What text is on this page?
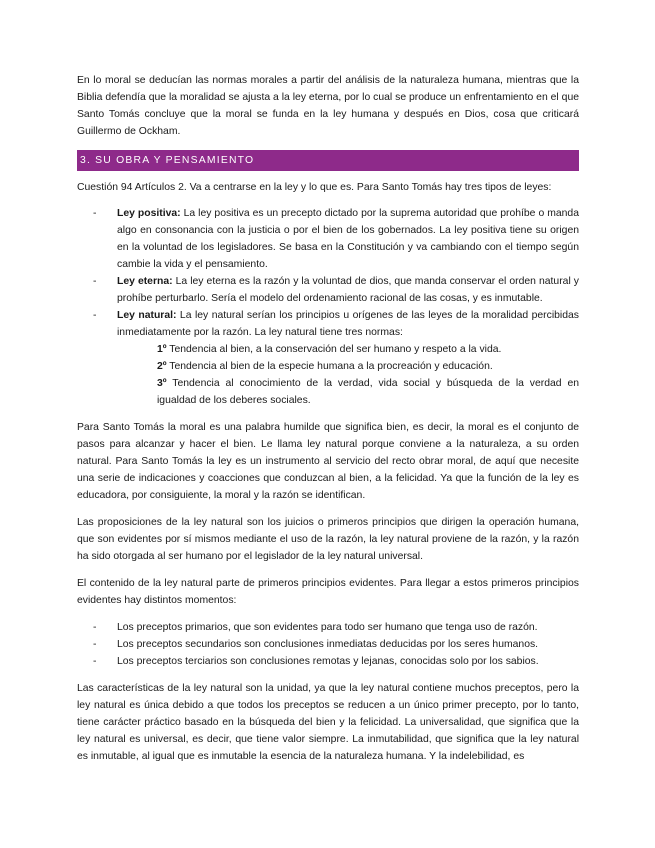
En lo moral se deducían las normas morales a partir del análisis de la naturaleza humana, mientras que la Biblia defendía que la moralidad se ajusta a la ley eterna, por lo cual se produce un enfrentamiento en el que Santo Tomás concluye que la moral se funda en la ley humana y después en Dios, cosa que criticará Guillermo de Ockham.

3. SU OBRA Y PENSAMIENTO

Cuestión 94 Artículos 2. Va a centrarse en la ley y lo que es. Para Santo Tomás hay tres tipos de leyes:

- Ley positiva: La ley positiva es un precepto dictado por la suprema autoridad que prohíbe o manda algo en consonancia con la justicia o por el bien de los gobernados. La ley positiva tiene su origen en la voluntad de los legisladores. Se basa en la Constitución y va cambiando con el tiempo según cambie la vida y el pensamiento.
- Ley eterna: La ley eterna es la razón y la voluntad de dios, que manda conservar el orden natural y prohíbe perturbarlo. Sería el modelo del ordenamiento racional de las cosas, y es inmutable.
- Ley natural: La ley natural serían los principios u orígenes de las leyes de la moralidad percibidas inmediatamente por la razón. La ley natural tiene tres normas:
1º Tendencia al bien, a la conservación del ser humano y respeto a la vida.
2º Tendencia al bien de la especie humana a la procreación y educación.
3º Tendencia al conocimiento de la verdad, vida social y búsqueda de la verdad en igualdad de los deberes sociales.

Para Santo Tomás la moral es una palabra humilde que significa bien, es decir, la moral es el conjunto de pasos para alcanzar y hacer el bien. Le llama ley natural porque conviene a la naturaleza, a su orden natural. Para Santo Tomás la ley es un instrumento al servicio del recto obrar moral, de aquí que necesite una serie de indicaciones y coacciones que conduzcan al bien, a la felicidad. Ya que la función de la ley es educadora, por consiguiente, la moral y la razón se identifican.

Las proposiciones de la ley natural son los juicios o primeros principios que dirigen la operación humana, que son evidentes por sí mismos mediante el uso de la razón, la ley natural proviene de la razón, y la razón ha sido otorgada al ser humano por el legislador de la ley natural universal.

El contenido de la ley natural parte de primeros principios evidentes. Para llegar a estos primeros principios evidentes hay distintos momentos:

- Los preceptos primarios, que son evidentes para todo ser humano que tenga uso de razón.
- Los preceptos secundarios son conclusiones inmediatas deducidas por los seres humanos.
- Los preceptos terciarios son conclusiones remotas y lejanas, conocidas solo por los sabios.

Las características de la ley natural son la unidad, ya que la ley natural contiene muchos preceptos, pero la ley natural es única debido a que todos los preceptos se reducen a un único primer precepto, por lo tanto, tiene carácter práctico basado en la búsqueda del bien y la felicidad. La universalidad, que significa que la ley natural es universal, es decir, que tiene valor siempre. La inmutabilidad, que significa que la ley natural es inmutable, al igual que es inmutable la esencia de la naturaleza humana. Y la indelebilidad, es
